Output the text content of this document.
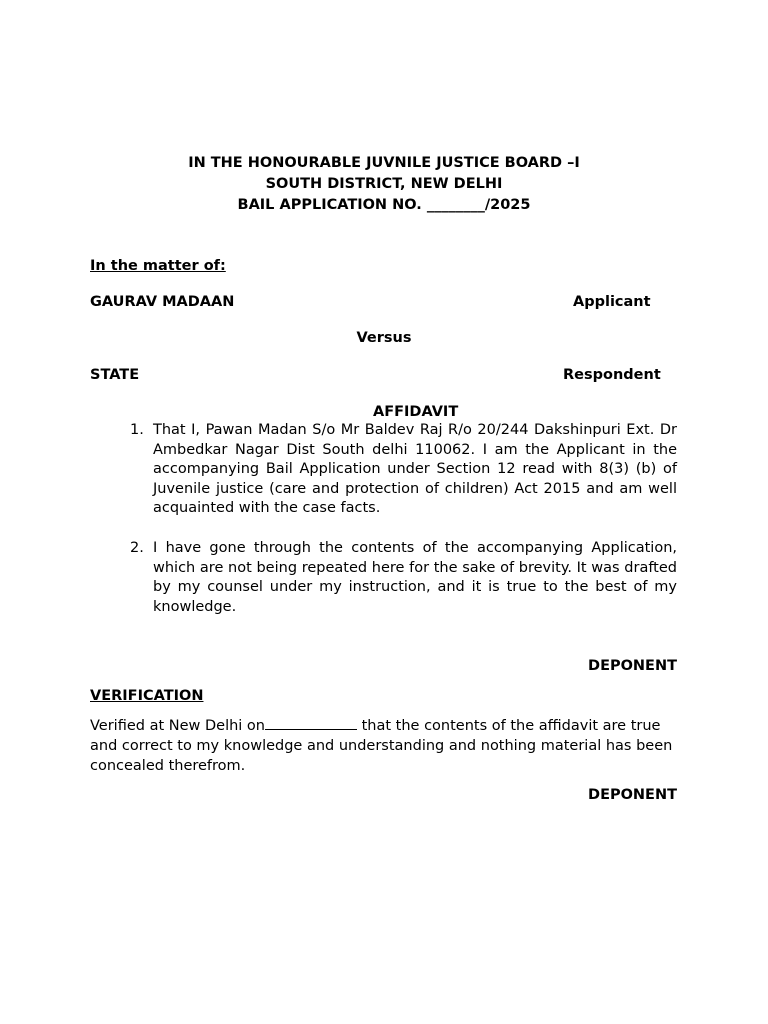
IN THE HONOURABLE JUVNILE JUSTICE BOARD –I
SOUTH DISTRICT, NEW DELHI
BAIL APPLICATION NO. ________/2025
In the matter of:
GAURAV MADAAN	Applicant
Versus
STATE	Respondent
AFFIDAVIT
1. That I, Pawan Madan S/o Mr Baldev Raj R/o 20/244 Dakshinpuri Ext. Dr Ambedkar Nagar Dist South delhi 110062. I am the Applicant in the accompanying Bail Application under Section 12 read with 8(3) (b) of Juvenile justice (care and protection of children) Act 2015 and am well acquainted with the case facts.
2. I have gone through the contents of the accompanying Application, which are not being repeated here for the sake of brevity. It was drafted by my counsel under my instruction, and it is true to the best of my knowledge.
DEPONENT
VERIFICATION
Verified at New Delhi on	that the contents of the affidavit are true and correct to my knowledge and understanding and nothing material has been concealed therefrom.
DEPONENT
